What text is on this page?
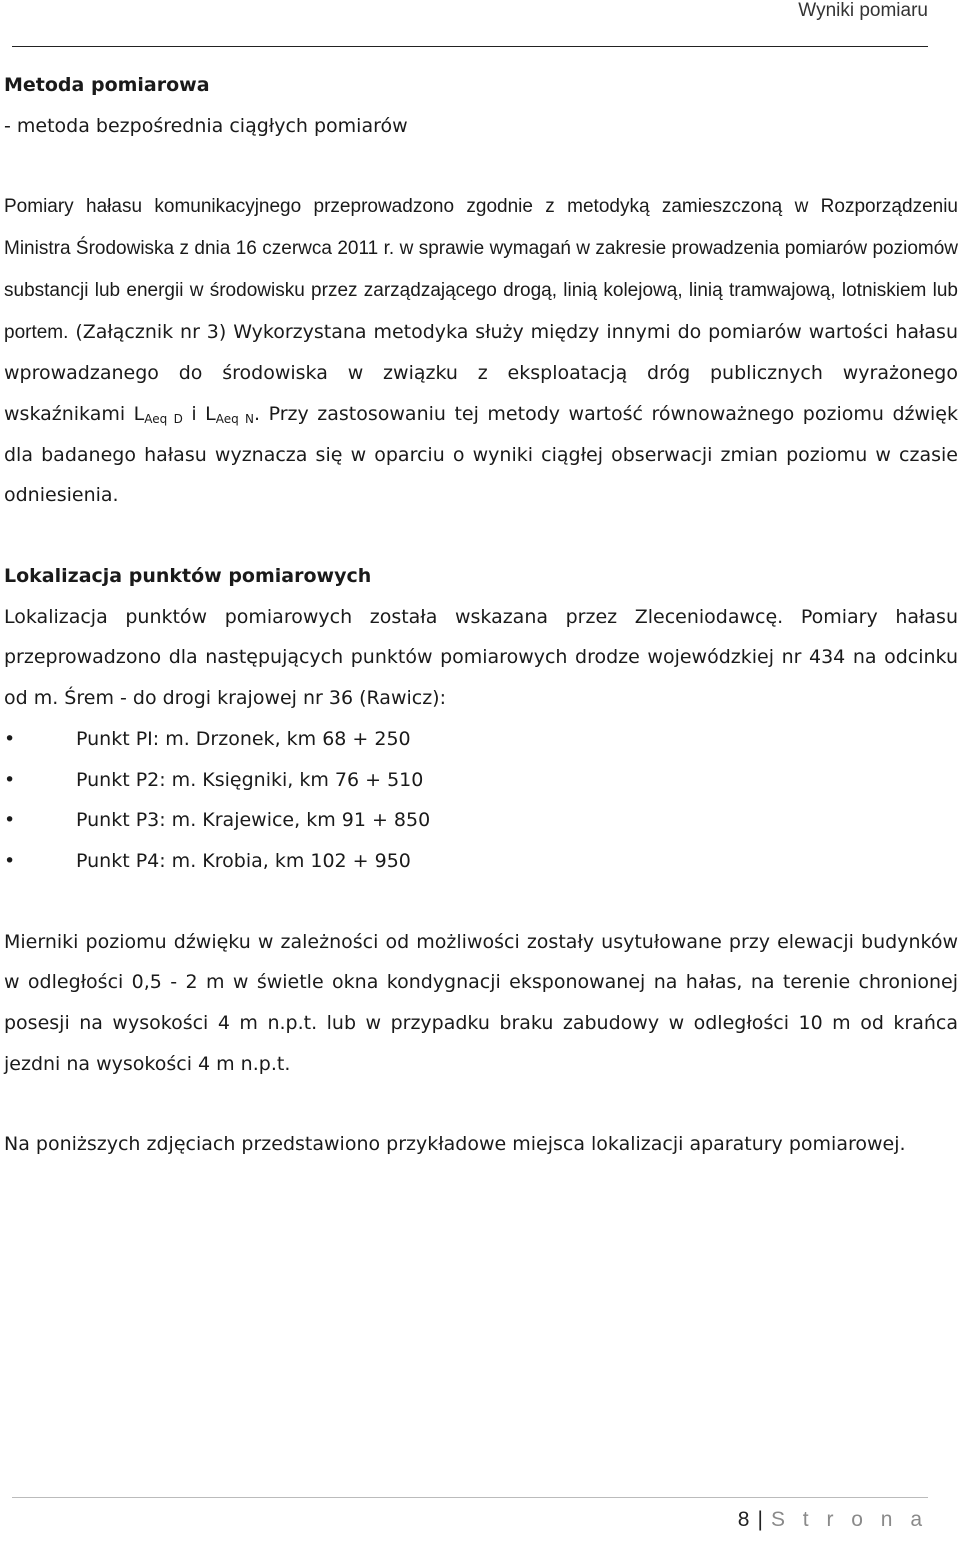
Wyniki pomiaru

Metoda pomiarowa

- metoda bezpośrednia ciągłych pomiarów

Pomiary hałasu komunikacyjnego przeprowadzono zgodnie z metodyką zamieszczoną w Rozporządzeniu Ministra Środowiska z dnia 16 czerwca 2011 r. w sprawie wymagań w zakresie prowadzenia pomiarów poziomów substancji lub energii w środowisku przez zarządzającego drogą, linią kolejową, linią tramwajową, lotniskiem lub portem. (Załącznik nr 3) Wykorzystana metodyka służy między innymi do pomiarów wartości hałasu wprowadzanego do środowiska w związku z eksploatacją dróg publicznych wyrażonego wskaźnikami $L_{Aeq D}$ i $L_{Aeq N}$. Przy zastosowaniu tej metody wartość równoważnego poziomu dźwięk dla badanego hałasu wyznacza się w oparciu o wyniki ciągłej obserwacji zmian poziomu w czasie odniesienia.

Lokalizacja punktów pomiarowych

Lokalizacja punktów pomiarowych została wskazana przez Zleceniodawcę. Pomiary hałasu przeprowadzono dla następujących punktów pomiarowych drodze wojewódzkiej nr 434 na odcinku od m. Śrem - do drogi krajowej nr 36 (Rawicz):

•	Punkt PI: m. Drzonek, km 68 + 250
•	Punkt P2: m. Księgniki, km 76 + 510
•	Punkt P3: m. Krajewice, km 91 + 850
•	Punkt P4: m. Krobia, km 102 + 950

Mierniki poziomu dźwięku w zależności od możliwości zostały usytułowane przy elewacji budynków w odległości 0,5 - 2 m w świetle okna kondygnacji eksponowanej na hałas, na terenie chronionej posesji na wysokości 4 m n.p.t. lub w przypadku braku zabudowy w odległości 10 m od krańca jezdni na wysokości 4 m n.p.t.

Na poniższych zdjęciach przedstawiono przykładowe miejsca lokalizacji aparatury pomiarowej.

8 | S t r o n a
